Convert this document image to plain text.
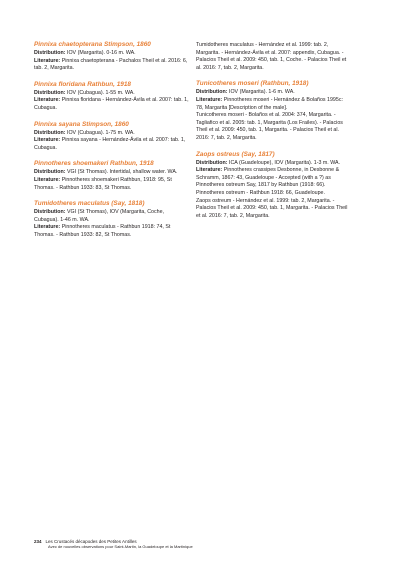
Pinnixa chaetopterana Stimpson, 1860

Distribution: IOV (Margarita). 0-16 m. WA.

Literature: Pinnixa chaetopterana - Pachalos Theil et al. 2016: 6, tab. 2, Margarita.

Pinnixa floridana Rathbun, 1918

Distribution: IOV (Cubagua). 1-55 m. WA.

Literature: Pinnixa floridana - Hernández-Ávila et al. 2007: tab. 1, Cubagua.

Pinnixa sayana Stimpson, 1860

Distribution: IOV (Cubagua). 1-75 m. WA.

Literature: Pinnixa sayana - Hernández-Ávila et al. 2007: tab. 1, Cubagua.

Pinnotheres shoemakeri Rathbun, 1918

Distribution: VGI (St Thomas). Intertidal, shallow water. WA.

Literature: Pinnotheres shoemakeri Rathbun, 1918: 95, St Thomas. - Rathbun 1933: 83, St Thomas.

Tumidotheres maculatus (Say, 1818)

Distribution: VGI (St Thomas), IOV (Margarita, Coche, Cubagua). 1-46 m. WA.

Literature: Pinnotheres maculatus - Rathbun 1918: 74, St Thomas. - Rathbun 1933: 82, St Thomas.

Tumidotheres maculatus - Hernández et al. 1999: tab. 2, Margarita. - Hernández-Ávila et al. 2007: appendix, Cubagua. - Palacios Theil et al. 2009: 450, tab. 1, Coche. - Palacios Theil et al. 2016: 7, tab. 2, Margarita.

Tunicotheres moseri (Rathbun, 1918)

Distribution: IOV (Margarita). 1-6 m. WA.

Literature: Pinnotheres moseri - Hernández & Bolaños 1995c: 78, Margarita [Description of the male].

Tunicotheres moseri - Bolaños et al. 2004: 374, Margarita. - Tagliafico et al. 2005: tab. 1, Margarita (Los Frailes). - Palacios Theil et al. 2009: 450, tab. 1, Margarita. - Palacios Theil et al. 2016: 7, tab. 2, Margarita.

Zaops ostreus (Say, 1817)

Distribution: ICA (Guadeloupe), IOV (Margarita). 1-3 m. WA.

Literature: Pinnotheres crassipes Desbonne, in Desbonne & Schramm, 1867: 43, Guadeloupe - Accepted (with a ?) as Pinnotheres ostreum Say, 1817 by Rathbun (1918: 66).

Pinnotheres ostreum - Rathbun 1918: 66, Guadeloupe.

Zaops ostreum - Hernández et al. 1999: tab. 2, Margarita. - Palacios Theil et al. 2009: 450, tab. 1, Margarita. - Palacios Theil et al. 2016: 7, tab. 2, Margarita.

234 Les Crustacés décapodes des Petites Antilles
Avec de nouvelles observations pour Saint-Martin, la Guadeloupe et la Martinique
